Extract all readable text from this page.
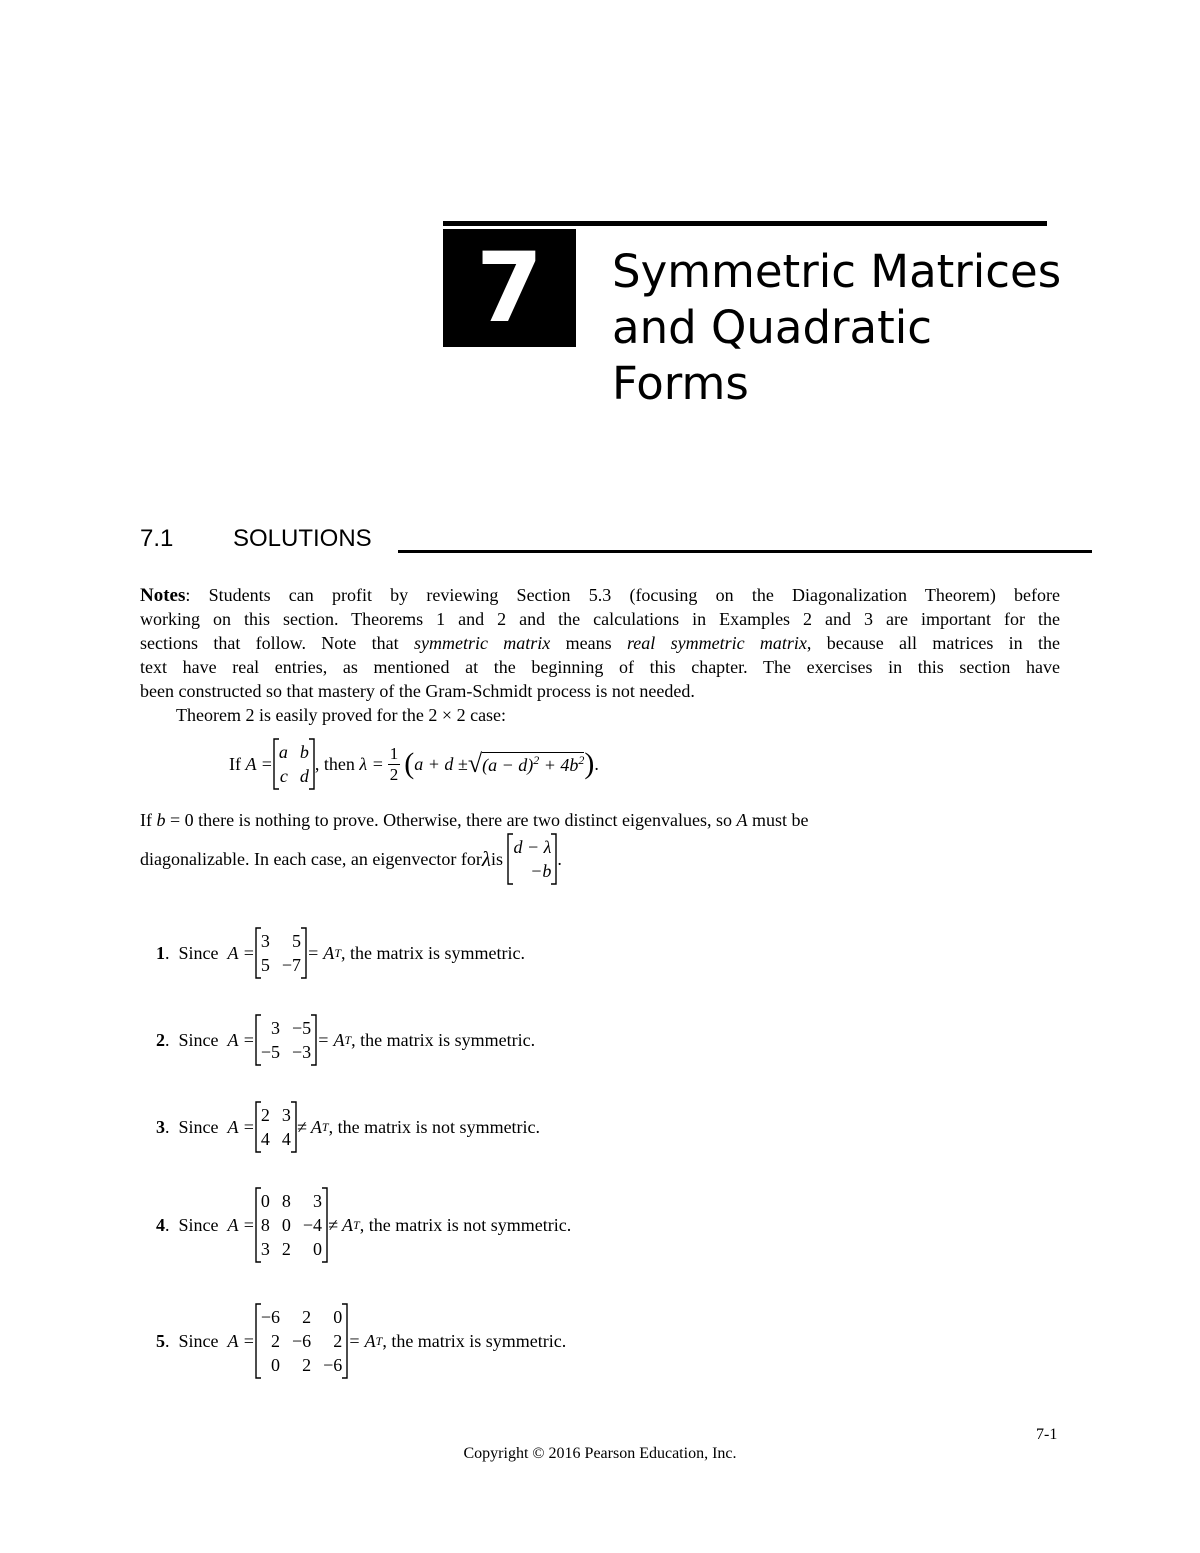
7	Symmetric Matrices
and Quadratic
Forms
7.1 SOLUTIONS
Notes: Students can profit by reviewing Section 5.3 (focusing on the Diagonalization Theorem) before
working on this section. Theorems 1 and 2 and the calculations in Examples 2 and 3 are important for the
sections that follow. Note that symmetric matrix means real symmetric matrix, because all matrices in the
text have real entries, as mentioned at the beginning of this chapter. The exercises in this section have
been constructed so that mastery of the Gram-Schmidt process is not needed.
Theorem 2 is easily proved for the 2 × 2 case:
If
A =
a	b
c	d
, then
$\lambda = \frac{1}{2}$ ( a + d ± √ $(a - d)^2 + 4b^2$ ) .
If b = 0 there is nothing to prove. Otherwise, there are two distinct eigenvalues, so A must be
diagonalizable. In each case, an eigenvector for λ is

d − λ
−b
.
1 . Since
A =
3	5
5	−7
= A T , the matrix is symmetric.
2 . Since
A =
3	−5
−5	−3
= A T , the matrix is symmetric.
3 . Since
A =
2	3
4	4
≠ A T , the matrix is not symmetric.
4 . Since
A =
0	8	3
8	0	−4
3	2	0
≠ A T , the matrix is not symmetric.
5 . Since
A =
−6	2	0
2	−6	2
0	2	−6
= A T , the matrix is symmetric.
7-1
Copyright © 2016 Pearson Education, Inc.
